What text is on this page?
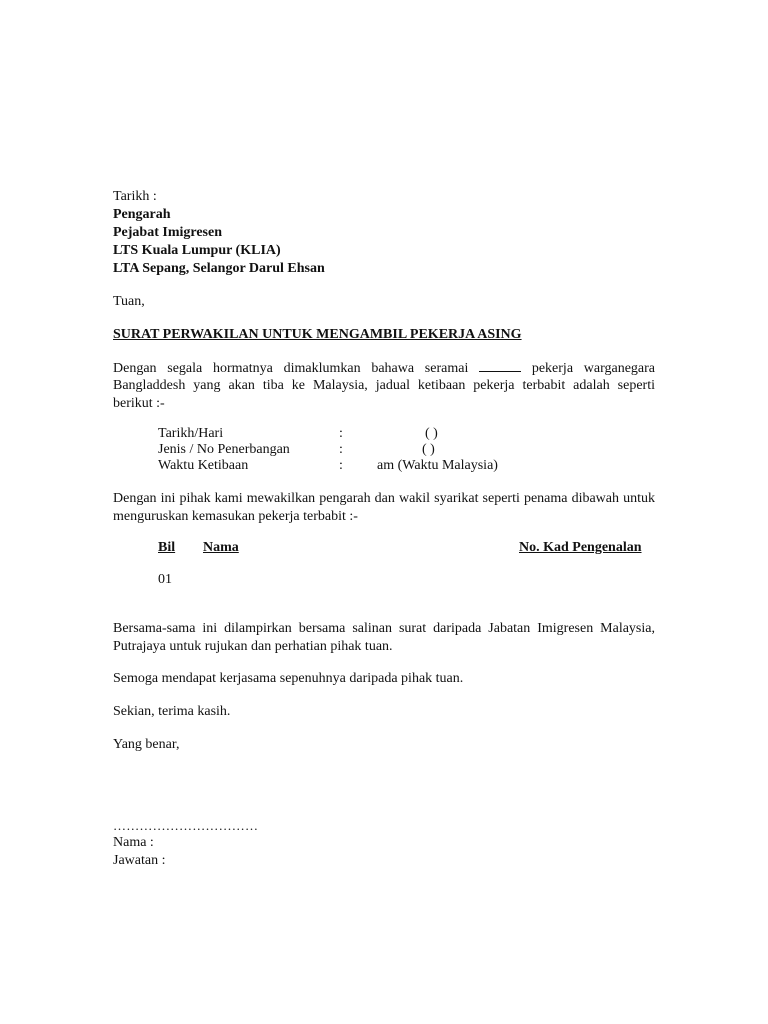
Tarikh :
Pengarah
Pejabat Imigresen
LTS Kuala Lumpur (KLIA)
LTA Sepang, Selangor Darul Ehsan
Tuan,
SURAT PERWAKILAN UNTUK MENGAMBIL PEKERJA ASING
Dengan segala hormatnya dimaklumkan bahawa seramai	pekerja warganegara
Bangladdesh yang akan tiba ke Malaysia, jadual ketibaan pekerja terbabit adalah seperti
berikut :-
Tarikh/Hari	:	( )
Jenis / No Penerbangan	:	( )
Waktu Ketibaan	: am (Waktu Malaysia)
Dengan ini pihak kami mewakilkan pengarah dan wakil syarikat seperti penama dibawah untuk
menguruskan kemasukan pekerja terbabit :-
Bil Nama	No. Kad Pengenalan
01
Bersama-sama ini dilampirkan bersama salinan surat daripada Jabatan Imigresen Malaysia,
Putrajaya untuk rujukan dan perhatian pihak tuan.
Semoga mendapat kerjasama sepenuhnya daripada pihak tuan.
Sekian, terima kasih.
Yang benar,
……………………………
Nama :
Jawatan :
